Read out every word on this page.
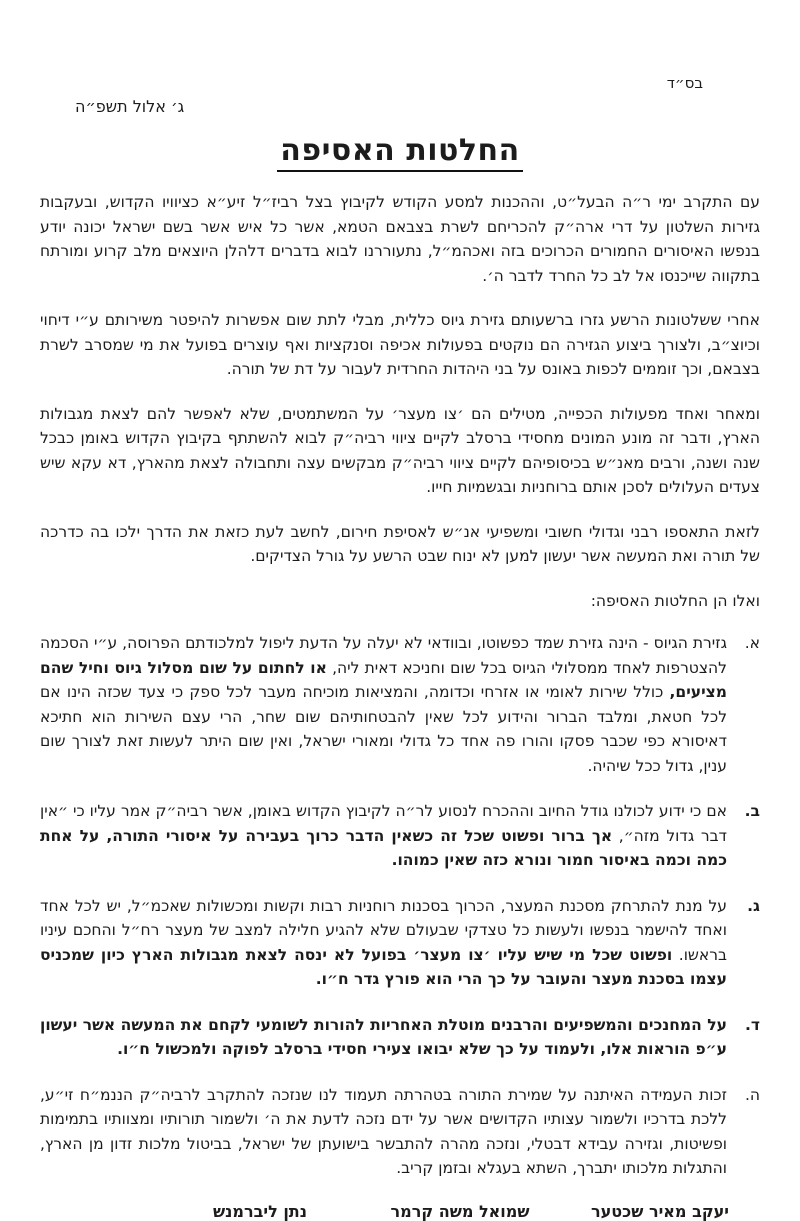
בס״ד
ג׳ אלול תשפ״ה
החלטות האסיפה

עם התקרב ימי ר״ה הבעל״ט, וההכנות למסע הקודש לקיבוץ בצל רביז״ל זיע״א כציוויו הקדוש, ובעקבות גזירות השלטון על דרי ארה״ק להכריחם לשרת בצבאם הטמא, אשר כל איש אשר בשם ישראל יכונה יודע בנפשו האיסורים החמורים הכרוכים בזה ואכהמ״ל, נתעוררנו לבוא בדברים דלהלן היוצאים מלב קרוע ומורתח בתקווה שייכנסו אל לב כל החרד לדבר ה׳.

אחרי ששלטונות הרשע גזרו ברשעותם גזירת גיוס כללית, מבלי לתת שום אפשרות להיפטר משירותם ע״י דיחוי וכיוצ״ב, ולצורך ביצוע הגזירה הם נוקטים בפעולות אכיפה וסנקציות ואף עוצרים בפועל את מי שמסרב לשרת בצבאם, וכך זוממים לכפות באונס על בני היהדות החרדית לעבור על דת של תורה.

ומאחר ואחד מפעולות הכפייה, מטילים הם ׳צו מעצר׳ על המשתמטים, שלא לאפשר להם לצאת מגבולות הארץ, ודבר זה מונע המונים מחסידי ברסלב לקיים ציווי רביה״ק לבוא להשתתף בקיבוץ הקדוש באומן כבכל שנה ושנה, ורבים מאנ״ש בכיסופיהם לקיים ציווי רביה״ק מבקשים עצה ותחבולה לצאת מהארץ, דא עקא שיש צעדים העלולים לסכן אותם ברוחניות ובגשמיות חייו.

לזאת התאספו רבני וגדולי חשובי ומשפיעי אנ״ש לאסיפת חירום, לחשב לעת כזאת את הדרך ילכו בה כדרכה של תורה ואת המעשה אשר יעשון למען לא ינוח שבט הרשע על גורל הצדיקים.

ואלו הן החלטות האסיפה:
א.
גזירת הגיוס - הינה גזירת שמד כפשוטו, ובוודאי לא יעלה על הדעת ליפול למלכודתם הפרוסה, ע״י הסכמה להצטרפות לאחד ממסלולי הגיוס בכל שום וחניכא דאית ליה, או לחתום על שום מסלול גיוס וחיל שהם מציעים, כולל שירות לאומי או אזרחי וכדומה, והמציאות מוכיחה מעבר לכל ספק כי צעד שכזה הינו אם לכל חטאת, ומלבד הברור והידוע לכל שאין להבטחותיהם שום שחר, הרי עצם השירות הוא חתיכא דאיסורא כפי שכבר פסקו והורו פה אחד כל גדולי ומאורי ישראל, ואין שום היתר לעשות זאת לצורך שום ענין, גדול ככל שיהיה.
ב.
אם כי ידוע לכולנו גודל החיוב וההכרח לנסוע לר״ה לקיבוץ הקדוש באומן, אשר רביה״ק אמר עליו כי ״אין דבר גדול מזה״, אך ברור ופשוט שכל זה כשאין הדבר כרוך בעבירה על איסורי התורה, על אחת כמה וכמה באיסור חמור ונורא כזה שאין כמוהו.
ג.
על מנת להתרחק מסכנת המעצר, הכרוך בסכנות רוחניות רבות וקשות ומכשולות שאכמ״ל, יש לכל אחד ואחד להישמר בנפשו ולעשות כל טצדקי שבעולם שלא להגיע חלילה למצב של מעצר רח״ל והחכם עיניו בראשו. ופשוט שכל מי שיש עליו ׳צו מעצר׳ בפועל לא ינסה לצאת מגבולות הארץ כיון שמכניס עצמו בסכנת מעצר והעובר על כך הרי הוא פורץ גדר ח״ו.
ד.
על המחנכים והמשפיעים והרבנים מוטלת האחריות להורות לשומעי לקחם את המעשה אשר יעשון ע״פ הוראות אלו, ולעמוד על כך שלא יבואו צעירי חסידי ברסלב לפוקה ולמכשול ח״ו.
ה.
זכות העמידה האיתנה על שמירת התורה בטהרתה תעמוד לנו שנזכה להתקרב לרביה״ק הננמ״ח זי״ע, ללכת בדרכיו ולשמור עצותיו הקדושים אשר על ידם נזכה לדעת את ה׳ ולשמור תורותיו ומצוותיו בתמימות ופשיטות, וגזירה עבידא דבטלי, ונזכה מהרה להתבשר בישועתן של ישראל, בביטול מלכות זדון מן הארץ, והתגלות מלכותו יתברך, השתא בעגלא ובזמן קריב.
יעקב מאיר שכטער
שמואל משה קרמר
נתן ליברמנש
